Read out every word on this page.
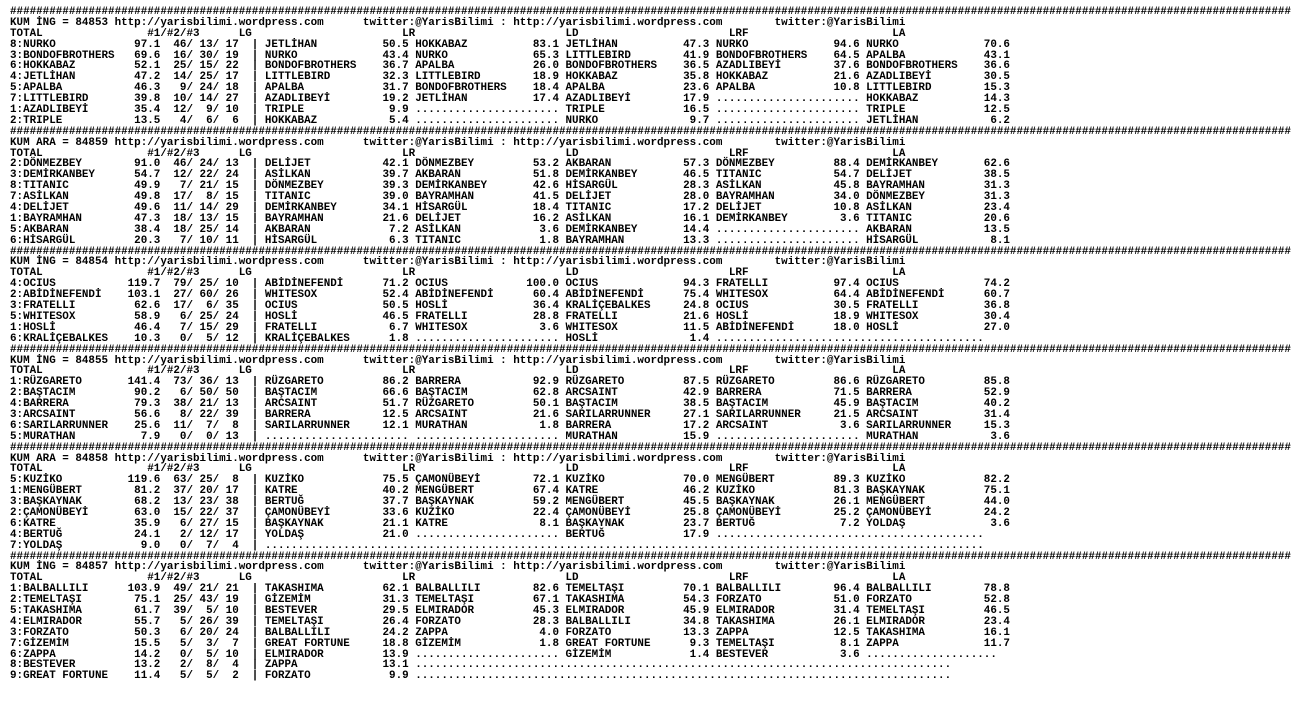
####################################################################################################################################################################################################
KUM İNG = 84853 http://yarisbilimi.wordpress.com      twitter:@YarisBilimi : http://yarisbilimi.wordpress.com        twitter:@YarisBilimi
TOTAL                #1/#2/#3      LG                       LR                       LD                       LRF                      LA
8:NURKO            97.1  46/ 13/ 17  | JETLİHAN          50.5 HOKKABAZ          83.1 JETLİHAN          47.3 NURKO             94.6 NURKO             70.6
3:BONDOFBROTHERS   69.6  16/ 30/ 19  | NURKO             43.4 NURKO             65.3 LITTLEBIRD        41.9 BONDOFBROTHERS    64.5 APALBA            43.1
6:HOKKABAZ         52.1  25/ 15/ 22  | BONDOFBROTHERS    36.7 APALBA            26.0 BONDOFBROTHERS    36.5 AZADLIBEYİ        37.6 BONDOFBROTHERS    36.6
4:JETLİHAN         47.2  14/ 25/ 17  | LITTLEBIRD        32.3 LITTLEBIRD        18.9 HOKKABAZ          35.8 HOKKABAZ          21.6 AZADLIBEYİ        30.5
5:APALBA           46.3   9/ 24/ 18  | APALBA            31.7 BONDOFBROTHERS    18.4 APALBA            23.6 APALBA            10.8 LITTLEBIRD        15.3
7:LITTLEBIRD       39.8  10/ 14/ 27  | AZADLIBEYİ        19.2 JETLİHAN          17.4 AZADLIBEYİ        17.9 ...................... HOKKABAZ          14.3
1:AZADLIBEYİ       35.4  12/  9/ 10  | TRIPLE             9.9 ...................... TRIPLE            16.5 ...................... TRIPLE            12.5
2:TRIPLE           13.5   4/  6/  6  | HOKKABAZ           5.4 ...................... NURKO              9.7 ...................... JETLİHAN           6.2
####################################################################################################################################################################################################
KUM ARA = 84859 http://yarisbilimi.wordpress.com      twitter:@YarisBilimi : http://yarisbilimi.wordpress.com        twitter:@YarisBilimi
TOTAL                #1/#2/#3      LG                       LR                       LD                       LRF                      LA
2:DÖNMEZBEY        91.0  46/ 24/ 13  | DELİJET           42.1 DÖNMEZBEY         53.2 AKBARAN           57.3 DÖNMEZBEY         88.4 DEMİRKANBEY       62.6
3:DEMİRKANBEY      54.7  12/ 22/ 24  | ASİLKAN           39.7 AKBARAN           51.8 DEMİRKANBEY       46.5 TITANIC           54.7 DELİJET           38.5
8:TITANIC          49.9   7/ 21/ 15  | DÖNMEZBEY         39.3 DEMİRKANBEY       42.6 HİSARGÜL          28.3 ASİLKAN           45.8 BAYRAMHAN         31.3
7:ASİLKAN          49.8  17/  8/ 15  | TITANIC           39.0 BAYRAMHAN         41.5 DELİJET           28.0 BAYRAMHAN         34.0 DÖNMEZBEY         31.3
4:DELİJET          49.6  11/ 14/ 29  | DEMİRKANBEY       34.1 HİSARGÜL          18.4 TITANIC           17.2 DELİJET           10.8 ASİLKAN           23.4
1:BAYRAMHAN        47.3  18/ 13/ 15  | BAYRAMHAN         21.6 DELİJET           16.2 ASİLKAN           16.1 DEMİRKANBEY        3.6 TITANIC           20.6
5:AKBARAN          38.4  18/ 25/ 14  | AKBARAN            7.2 ASİLKAN            3.6 DEMİRKANBEY       14.4 ...................... AKBARAN           13.5
6:HİSARGÜL         20.3   7/ 10/ 11  | HİSARGÜL           6.3 TITANIC            1.8 BAYRAMHAN         13.3 ...................... HİSARGÜL           8.1
####################################################################################################################################################################################################
KUM İNG = 84854 http://yarisbilimi.wordpress.com      twitter:@YarisBilimi : http://yarisbilimi.wordpress.com        twitter:@YarisBilimi
TOTAL                #1/#2/#3      LG                       LR                       LD                       LRF                      LA
4:OCIUS           119.7  79/ 25/ 10  | ABİDİNEFENDİ      71.2 OCIUS            100.0 OCIUS             94.3 FRATELLI          97.4 OCIUS             74.2
2:ABİDİNEFENDİ    103.1  27/ 60/ 26  | WHITESOX          52.4 ABİDİNEFENDİ      60.4 ABİDİNEFENDİ      75.4 WHITESOX          64.4 ABİDİNEFENDİ      60.7
3:FRATELLI         62.6  17/  6/ 35  | OCIUS             50.5 HOSLİ             36.4 KRALİÇEBALKES     24.8 OCIUS             30.5 FRATELLI          36.8
5:WHITESOX         58.9   6/ 25/ 24  | HOSLİ             46.5 FRATELLI          28.8 FRATELLI          21.6 HOSLİ             18.9 WHITESOX          30.4
1:HOSLİ            46.4   7/ 15/ 29  | FRATELLI           6.7 WHITESOX           3.6 WHITESOX          11.5 ABİDİNEFENDİ      18.0 HOSLİ             27.0
6:KRALİÇEBALKES    10.3   0/  5/ 12  | KRALİÇEBALKES      1.8 ...................... HOSLİ              1.4 .........................................
####################################################################################################################################################################################################
KUM İNG = 84855 http://yarisbilimi.wordpress.com      twitter:@YarisBilimi : http://yarisbilimi.wordpress.com        twitter:@YarisBilimi
TOTAL                #1/#2/#3      LG                       LR                       LD                       LRF                      LA
1:RÜZGARETO       141.4  73/ 36/ 13  | RÜZGARETO         86.2 BARRERA           92.9 RÜZGARETO         87.5 RÜZGARETO         86.6 RÜZGARETO         85.8
2:BAŞTACIM         90.2   6/ 50/ 50  | BAŞTACIM          66.6 BAŞTACIM          62.8 ARCSAINT          42.9 BARRERA           71.5 BARRERA           52.9
4:BARRERA          79.3  38/ 21/ 13  | ARCSAINT          51.7 RÜZGARETO         50.1 BAŞTACIM          38.5 BAŞTACIM          45.9 BAŞTACIM          40.2
3:ARCSAINT         56.6   8/ 22/ 39  | BARRERA           12.5 ARCSAINT          21.6 SARILARRUNNER     27.1 SARILARRUNNER     21.5 ARCSAINT          31.4
6:SARILARRUNNER    25.6  11/  7/  8  | SARILARRUNNER     12.1 MURATHAN           1.8 BARRERA           17.2 ARCSAINT           3.6 SARILARRUNNER     15.3
5:MURATHAN          7.9   0/  0/ 13  | ...................... ...................... MURATHAN          15.9 ...................... MURATHAN           3.6
####################################################################################################################################################################################################
KUM ARA = 84858 http://yarisbilimi.wordpress.com      twitter:@YarisBilimi : http://yarisbilimi.wordpress.com        twitter:@YarisBilimi
TOTAL                #1/#2/#3      LG                       LR                       LD                       LRF                      LA
5:KUZİKO          119.6  63/ 25/  8  | KUZİKO            75.5 ÇAMONÜBEYİ        72.1 KUZİKO            70.0 MENGÜBERT         89.3 KUZİKO            82.2
1:MENGÜBERT        81.2  37/ 20/ 17  | KATRE             40.2 MENGÜBERT         67.4 KATRE             46.2 KUZİKO            81.3 BAŞKAYNAK         75.1
3:BAŞKAYNAK        68.2  13/ 23/ 38  | BERTUĞ            37.7 BAŞKAYNAK         59.2 MENGÜBERT         45.5 BAŞKAYNAK         26.1 MENGÜBERT         44.0
2:ÇAMONÜBEYİ       63.0  15/ 22/ 37  | ÇAMONÜBEYİ        33.6 KUZİKO            22.4 ÇAMONÜBEYİ        25.8 ÇAMONÜBEYİ        25.2 ÇAMONÜBEYİ        24.2
6:KATRE            35.9   6/ 27/ 15  | BAŞKAYNAK         21.1 KATRE              8.1 BAŞKAYNAK         23.7 BERTUĞ             7.2 YOLDAŞ             3.6
4:BERTUĞ           24.1   2/ 12/ 17  | YOLDAŞ            21.0 ...................... BERTUĞ            17.9 .........................................
7:YOLDAŞ            9.0   0/  7/  4  | ..............................................................................................................
####################################################################################################################################################################################################
KUM İNG = 84857 http://yarisbilimi.wordpress.com      twitter:@YarisBilimi : http://yarisbilimi.wordpress.com        twitter:@YarisBilimi
TOTAL                #1/#2/#3      LG                       LR                       LD                       LRF                      LA
1:BALBALLILI      103.9  49/ 21/ 21  | TAKASHIMA         62.1 BALBALLILI        82.6 TEMELTAŞI         70.1 BALBALLILI        96.4 BALBALLILI        78.8
2:TEMELTAŞI        75.1  25/ 43/ 19  | GİZEMİM           31.3 TEMELTAŞI         67.1 TAKASHIMA         54.3 FORZATO           51.0 FORZATO           52.8
5:TAKASHIMA        61.7  39/  5/ 10  | BESTEVER          29.5 ELMIRADOR         45.3 ELMIRADOR         45.9 ELMIRADOR         31.4 TEMELTAŞI         46.5
4:ELMIRADOR        55.7   5/ 26/ 39  | TEMELTAŞI         26.4 FORZATO           28.3 BALBALLILI        34.8 TAKASHIMA         26.1 ELMIRADOR         23.4
3:FORZATO          50.3   6/ 20/ 24  | BALBALLILI        24.2 ZAPPA              4.0 FORZATO           13.3 ZAPPA             12.5 TAKASHIMA         16.1
7:GİZEMİM          15.5   5/  3/  7  | GREAT FORTUNE     18.8 GİZEMİM            1.8 GREAT FORTUNE      9.3 TEMELTAŞI          8.1 ZAPPA             11.7
6:ZAPPA            14.2   0/  5/ 10  | ELMIRADOR         13.9 ...................... GİZEMİM            1.4 BESTEVER           3.6 ....................
8:BESTEVER         13.2   2/  8/  4  | ZAPPA             13.1 ..................................................................................
9:GREAT FORTUNE    11.4   5/  5/  2  | FORZATO            9.9 ..................................................................................
